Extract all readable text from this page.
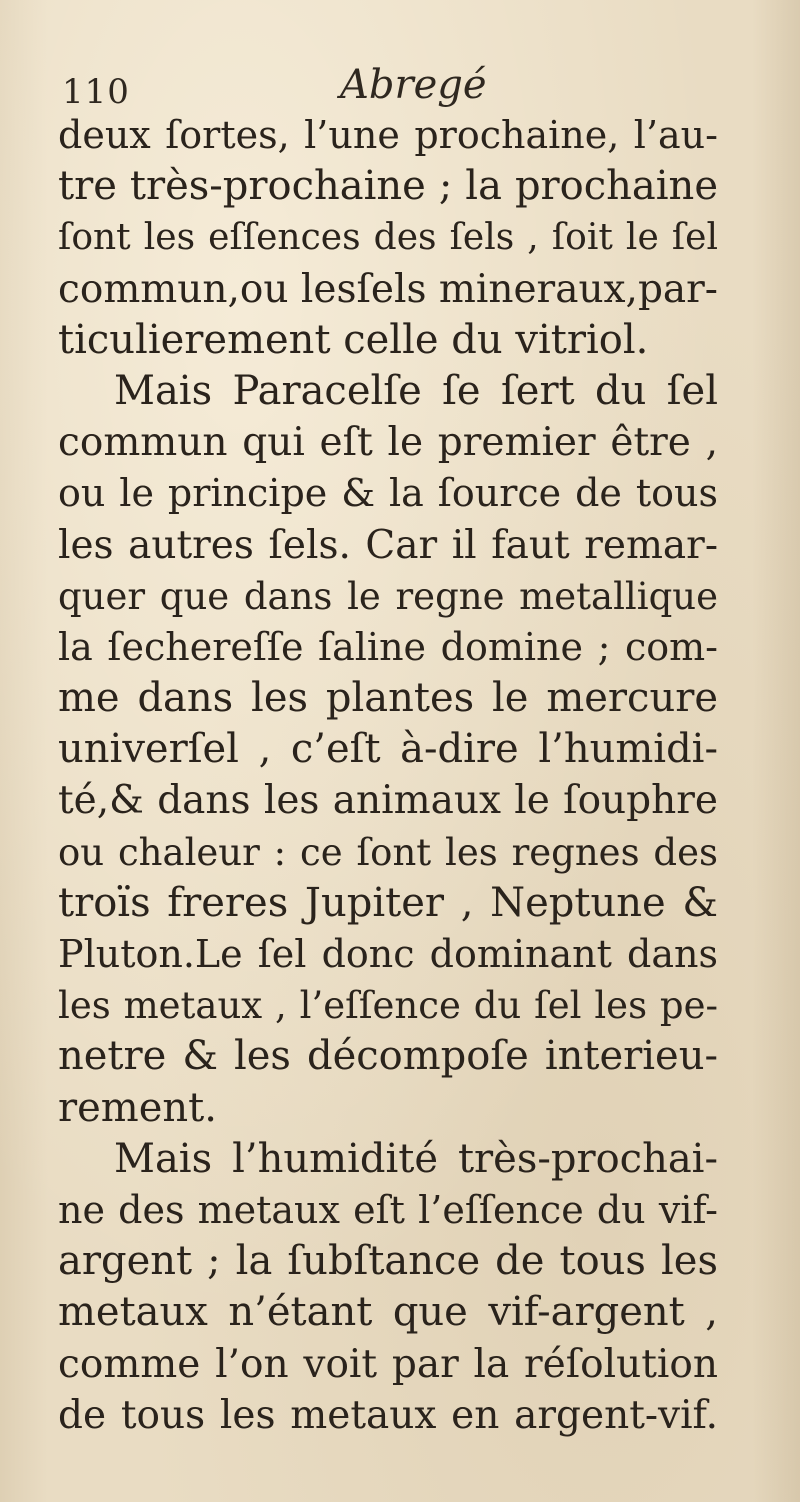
110	Abregé
deux ſortes, l’une prochaine, l’au-
tre très-prochaine ; la prochaine
ſont les eſſences des ſels , ſoit le ſel
commun,ou lesſels mineraux,par-
ticulierement celle du vitriol.
Mais Paracelſe ſe ſert du ſel
commun qui eſt le premier être ,
ou le principe & la ſource de tous
les autres ſels. Car il faut remar-
quer que dans le regne metallique
la ſechereſſe ſaline domine ; com-
me dans les plantes le mercure
univerſel , c’eſt à-dire l’humidi-
té,& dans les animaux le ſouphre
ou chaleur : ce ſont les regnes des
troïs freres Jupiter , Neptune &
Pluton.Le ſel donc dominant dans
les metaux , l’eſſence du ſel les pe-
netre & les décompoſe interieu-
rement.
Mais l’humidité très-prochai-
ne des metaux eſt l’eſſence du vif-
argent ; la ſubſtance de tous les
metaux n’étant que vif-argent ,
comme l’on voit par la réſolution
de tous les metaux en argent-vif.
